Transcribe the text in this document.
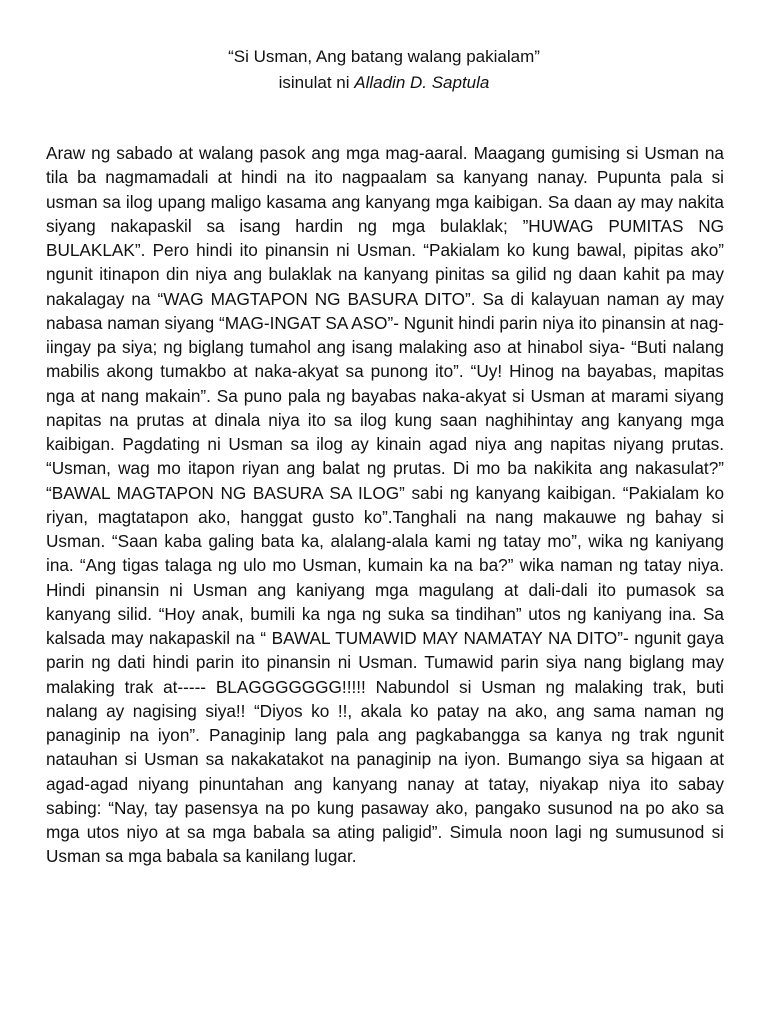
“Si Usman, Ang batang walang pakialam”
isinulat ni Alladin D. Saptula

Araw ng sabado at walang pasok ang mga mag-aaral. Maagang gumising si Usman na tila ba nagmamadali at hindi na ito nagpaalam sa kanyang nanay. Pupunta pala si usman sa ilog upang maligo kasama ang kanyang mga kaibigan. Sa daan ay may nakita siyang nakapaskil sa isang hardin ng mga bulaklak; ”HUWAG PUMITAS NG BULAKLAK”. Pero hindi ito pinansin ni Usman. “Pakialam ko kung bawal, pipitas ako” ngunit itinapon din niya ang bulaklak na kanyang pinitas sa gilid ng daan kahit pa may nakalagay na “WAG MAGTAPON NG BASURA DITO”. Sa di kalayuan naman ay may nabasa naman siyang “MAG-INGAT SA ASO”- Ngunit hindi parin niya ito pinansin at nag-iingay pa siya; ng biglang tumahol ang isang malaking aso at hinabol siya- “Buti nalang mabilis akong tumakbo at naka-akyat sa punong ito”. “Uy! Hinog na bayabas, mapitas nga at nang makain”. Sa puno pala ng bayabas naka-akyat si Usman at marami siyang napitas na prutas at dinala niya ito sa ilog kung saan naghihintay ang kanyang mga kaibigan. Pagdating ni Usman sa ilog ay kinain agad niya ang napitas niyang prutas. “Usman, wag mo itapon riyan ang balat ng prutas. Di mo ba nakikita ang nakasulat?” “BAWAL MAGTAPON NG BASURA SA ILOG” sabi ng kanyang kaibigan. “Pakialam ko riyan, magtatapon ako, hanggat gusto ko”.Tanghali na nang makauwe ng bahay si Usman. “Saan kaba galing bata ka, alalang-alala kami ng tatay mo”, wika ng kaniyang ina. “Ang tigas talaga ng ulo mo Usman, kumain ka na ba?” wika naman ng tatay niya. Hindi pinansin ni Usman ang kaniyang mga magulang at dali-dali ito pumasok sa kanyang silid. “Hoy anak, bumili ka nga ng suka sa tindihan” utos ng kaniyang ina. Sa kalsada may nakapaskil na “ BAWAL TUMAWID MAY NAMATAY NA DITO”- ngunit gaya parin ng dati hindi parin ito pinansin ni Usman. Tumawid parin siya nang biglang may malaking trak at----- BLAGGGGGGG!!!!! Nabundol si Usman ng malaking trak, buti nalang ay nagising siya!! “Diyos ko !!, akala ko patay na ako, ang sama naman ng panaginip na iyon”. Panaginip lang pala ang pagkabangga sa kanya ng trak ngunit natauhan si Usman sa nakakatakot na panaginip na iyon. Bumango siya sa higaan at agad-agad niyang pinuntahan ang kanyang nanay at tatay, niyakap niya ito sabay sabing: “Nay, tay pasensya na po kung pasaway ako, pangako susunod na po ako sa mga utos niyo at sa mga babala sa ating paligid”. Simula noon lagi ng sumusunod si Usman sa mga babala sa kanilang lugar.
